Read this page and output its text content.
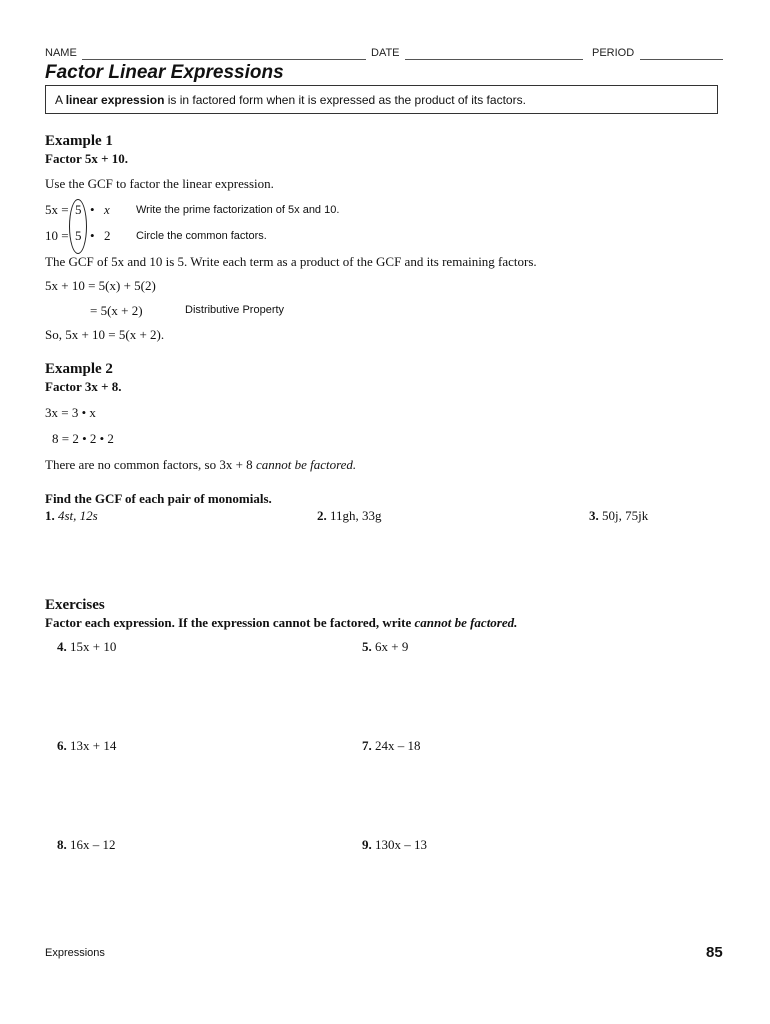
NAME	DATE	PERIOD
Factor Linear Expressions
A linear expression is in factored form when it is expressed as the product of its factors.
Example 1
Factor 5x + 10.
Use the GCF to factor the linear expression.
5x = 5 • x Write the prime factorization of 5x and 10.
10 = 5 • 2 Circle the common factors.
The GCF of 5x and 10 is 5. Write each term as a product of the GCF and its remaining factors.
5x + 10 = 5(x) + 5(2)
= 5(x + 2)	Distributive Property
So, 5x + 10 = 5(x + 2).
Example 2
Factor 3x + 8.
3x = 3 • x
8 = 2 • 2 • 2
There are no common factors, so 3x + 8 cannot be factored.
Find the GCF of each pair of monomials.
1. 4st, 12s	2. 11gh, 33g	3. 50j, 75jk
Exercises
Factor each expression. If the expression cannot be factored, write cannot be factored.
4. 15x + 10	5. 6x + 9
6. 13x + 14	7. 24x – 18
8. 16x – 12	9. 130x – 13
Expressions	85
